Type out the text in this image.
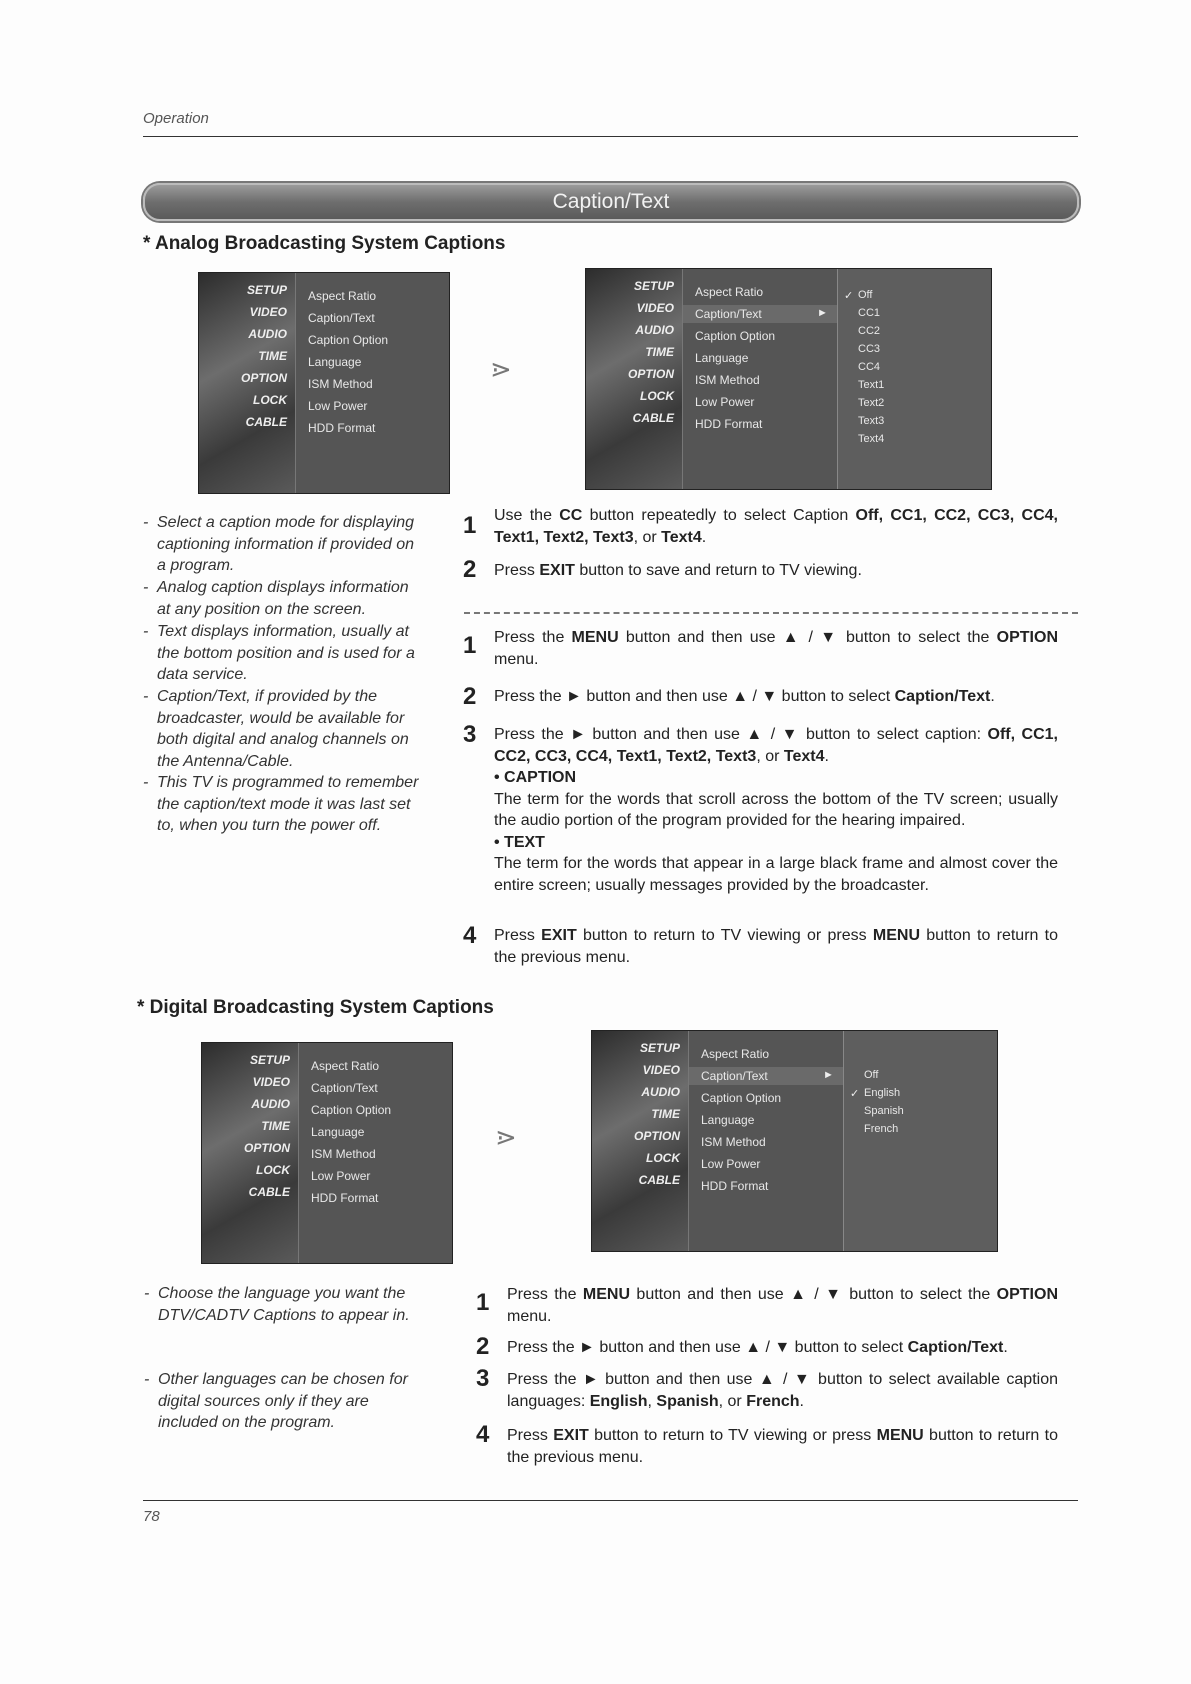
Operation
Caption/Text
* Analog Broadcasting System Captions
SETUP
VIDEO
AUDIO
TIME
OPTION
LOCK
CABLE
Aspect Ratio
Caption/Text
Caption Option
Language
ISM Method
Low Power
HDD Format
⋗
SETUP
VIDEO
AUDIO
TIME
OPTION
LOCK
CABLE
Aspect Ratio
Caption/Text	►
Caption Option
Language
ISM Method
Low Power
HDD Format
✓ Off
CC1
CC2
CC3
CC4
Text1
Text2
Text3
Text4
- Select a caption mode for displaying captioning information if provided on a program.
- Analog caption displays information at any position on the screen.
- Text displays information, usually at the bottom position and is used for a data service.
- Caption/Text, if provided by the broadcaster, would be available for both digital and analog channels on the Antenna/Cable.
- This TV is programmed to remember the caption/text mode it was last set to, when you turn the power off.
1 Use the CC button repeatedly to select Caption Off, CC1, CC2, CC3, CC4, Text1, Text2, Text3, or Text4.
2 Press EXIT button to save and return to TV viewing.
1 Press the MENU button and then use ▲ / ▼ button to select the OPTION menu.
2 Press the ► button and then use ▲ / ▼ button to select Caption/Text.
3 Press the ► button and then use ▲ / ▼ button to select caption: Off, CC1, CC2, CC3, CC4, Text1, Text2, Text3, or Text4.
• CAPTION
The term for the words that scroll across the bottom of the TV screen; usually the audio portion of the program provided for the hearing impaired.
• TEXT
The term for the words that appear in a large black frame and almost cover the entire screen; usually messages provided by the broadcaster.
4 Press EXIT button to return to TV viewing or press MENU button to return to the previous menu.
* Digital Broadcasting System Captions
SETUP
VIDEO
AUDIO
TIME
OPTION
LOCK
CABLE
Aspect Ratio
Caption/Text
Caption Option
Language
ISM Method
Low Power
HDD Format
⋗
SETUP
VIDEO
AUDIO
TIME
OPTION
LOCK
CABLE
Aspect Ratio
Caption/Text	►
Caption Option
Language
ISM Method
Low Power
HDD Format
✓
Off
English
Spanish
French
- Choose the language you want the DTV/CADTV Captions to appear in.
- Other languages can be chosen for digital sources only if they are included on the program.
1 Press the MENU button and then use ▲ / ▼ button to select the OPTION menu.
2 Press the ► button and then use ▲ / ▼ button to select Caption/Text.
3 Press the ► button and then use ▲ / ▼ button to select available caption languages: English, Spanish, or French.
4 Press EXIT button to return to TV viewing or press MENU button to return to the previous menu.
78
